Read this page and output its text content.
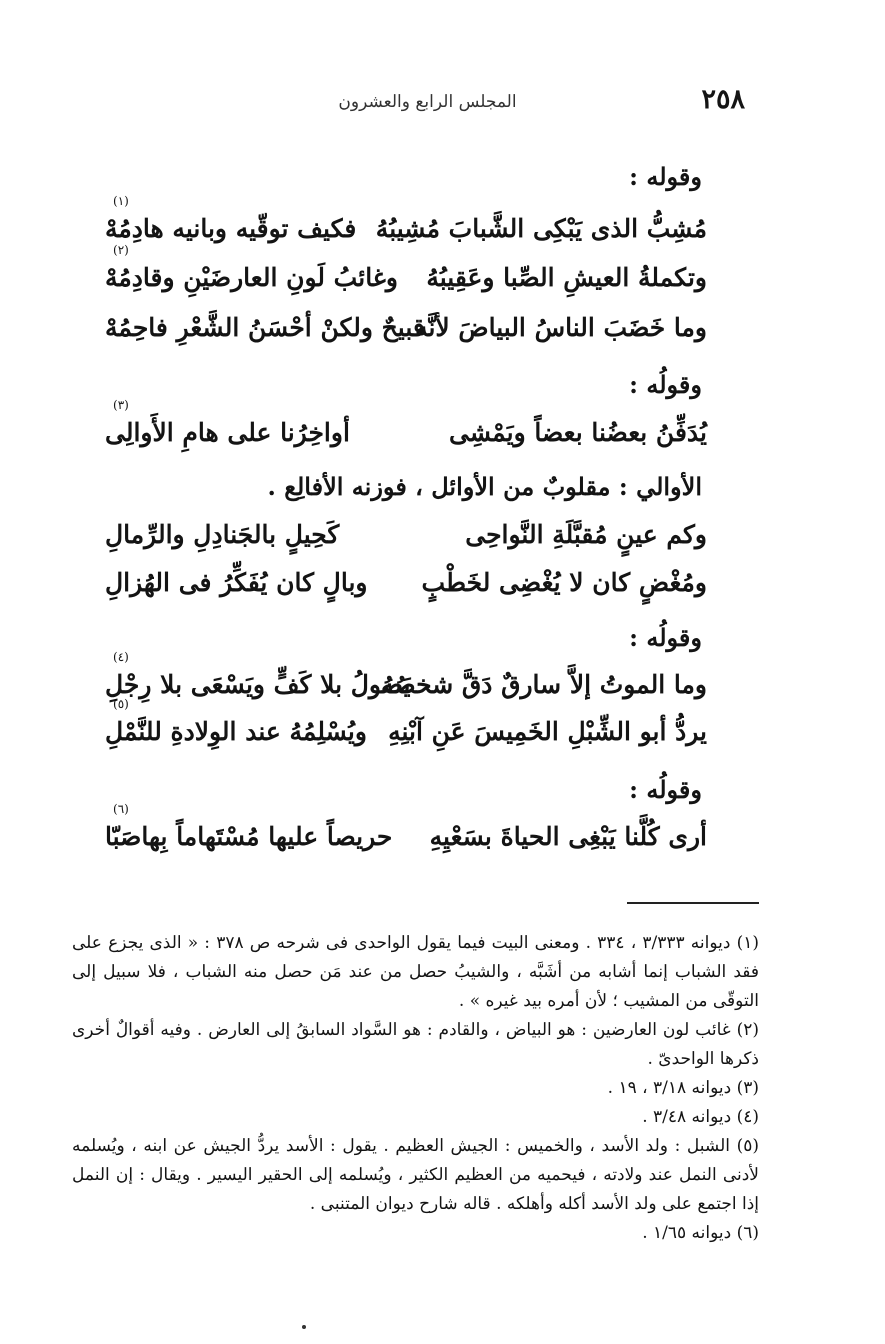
٢٥٨
المجلس الرابع والعشرون
وقوله :
مُشِبُّ الذى يَبْكِى الشَّبابَ مُشِيبُهُ
فكيف توقّيه وبانيه هادِمُهْ
(١)
وتكملةُ العيشِ الصِّبا وعَقِيبُهُ
وغائبُ لَونِ العارضَيْنِ وقادِمُهْ
(٢)
وما خَضَبَ الناسُ البياضَ لأنَّه
قبيحٌ ولكنْ أحْسَنُ الشَّعْرِ فاحِمُهْ
وقولُه :
يُدَفِّنُ بعضُنا بعضاً ويَمْشِى
أواخِرُنا على هامِ الأَوالِى
(٣)
الأوالي : مقلوبٌ من الأوائل ، فوزنه الأفالِع .
وكم عينٍ مُقبَّلَةِ النَّواحِى
كَحِيلٍ بالجَنادِلِ والرِّمالِ
ومُغْضٍ كان لا يُغْضِى لخَطْبٍ
وبالٍ كان يُفَكِّرُ فى الهُزالِ
وقولُه :
وما الموتُ إلاَّ سارقٌ دَقَّ شخصُه
يَصُولُ بلا كَفٍّ ويَسْعَى بلا رِجْلِ
(٤)
يردُّ أبو الشِّبْلِ الخَمِيسَ عَنِ آبْنِهِ
ويُسْلِمُهُ عند الوِلادةِ للنَّمْلِ
(٥)
وقولُه :
أرى كُلَّنا يَبْغِى الحياةَ بسَعْيِهِ
حريصاً عليها مُسْتَهاماً بِهاصَبّا
(٦)

(١) ديوانه ٣/٣٣٣ ، ٣٣٤ . ومعنى البيت فيما يقول الواحدى فى شرحه ص ٣٧٨ : « الذى يجزع على فقد الشباب إنما أشابه من أشَبَّه ، والشيبُ حصل من عند مَن حصل منه الشباب ، فلا سبيل إلى التوقّى من المشيب ؛ لأن أمره بيد غيره » .

(٢) غائب لون العارضين : هو البياض ، والقادم : هو السَّواد السابقُ إلى العارض . وفيه أقوالٌ أخرى ذكرها الواحدىّ .

(٣) ديوانه ٣/١٨ ، ١٩ .

(٤) ديوانه ٣/٤٨ .

(٥) الشبل : ولد الأسد ، والخميس : الجيش العظيم . يقول : الأسد يردُّ الجيش عن ابنه ، ويُسلمه لأدنى النمل عند ولادته ، فيحميه من العظيم الكثير ، ويُسلمه إلى الحقير اليسير . ويقال : إن النمل إذا اجتمع على ولد الأسد أكله وأهلكه . قاله شارح ديوان المتنبى .

(٦) ديوانه ١/٦٥ .
